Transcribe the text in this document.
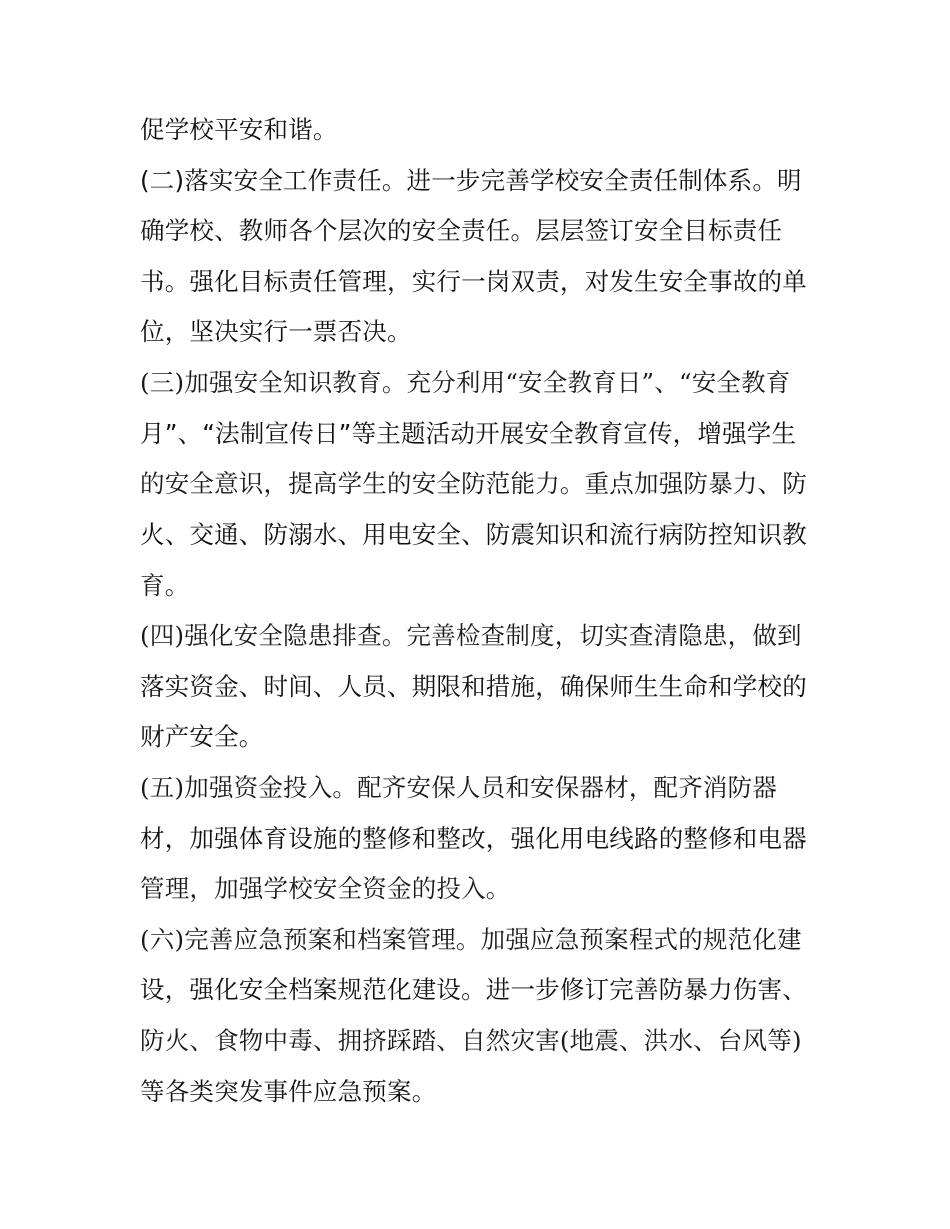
促学校平安和谐。
(二)落实安全工作责任。进一步完善学校安全责任制体系。明
确学校、教师各个层次的安全责任。层层签订安全目标责任
书。强化目标责任管理，实行一岗双责，对发生安全事故的单
位，坚决实行一票否决。
(三)加强安全知识教育。充分利用“安全教育日”、“安全教育
月”、“法制宣传日”等主题活动开展安全教育宣传，增强学生
的安全意识，提高学生的安全防范能力。重点加强防暴力、防
火、交通、防溺水、用电安全、防震知识和流行病防控知识教
育。
(四)强化安全隐患排查。完善检查制度，切实查清隐患，做到
落实资金、时间、人员、期限和措施，确保师生生命和学校的
财产安全。
(五)加强资金投入。配齐安保人员和安保器材，配齐消防器
材，加强体育设施的整修和整改，强化用电线路的整修和电器
管理，加强学校安全资金的投入。
(六)完善应急预案和档案管理。加强应急预案程式的规范化建
设，强化安全档案规范化建设。进一步修订完善防暴力伤害、
防火、食物中毒、拥挤踩踏、自然灾害(地震、洪水、台风等)
等各类突发事件应急预案。
